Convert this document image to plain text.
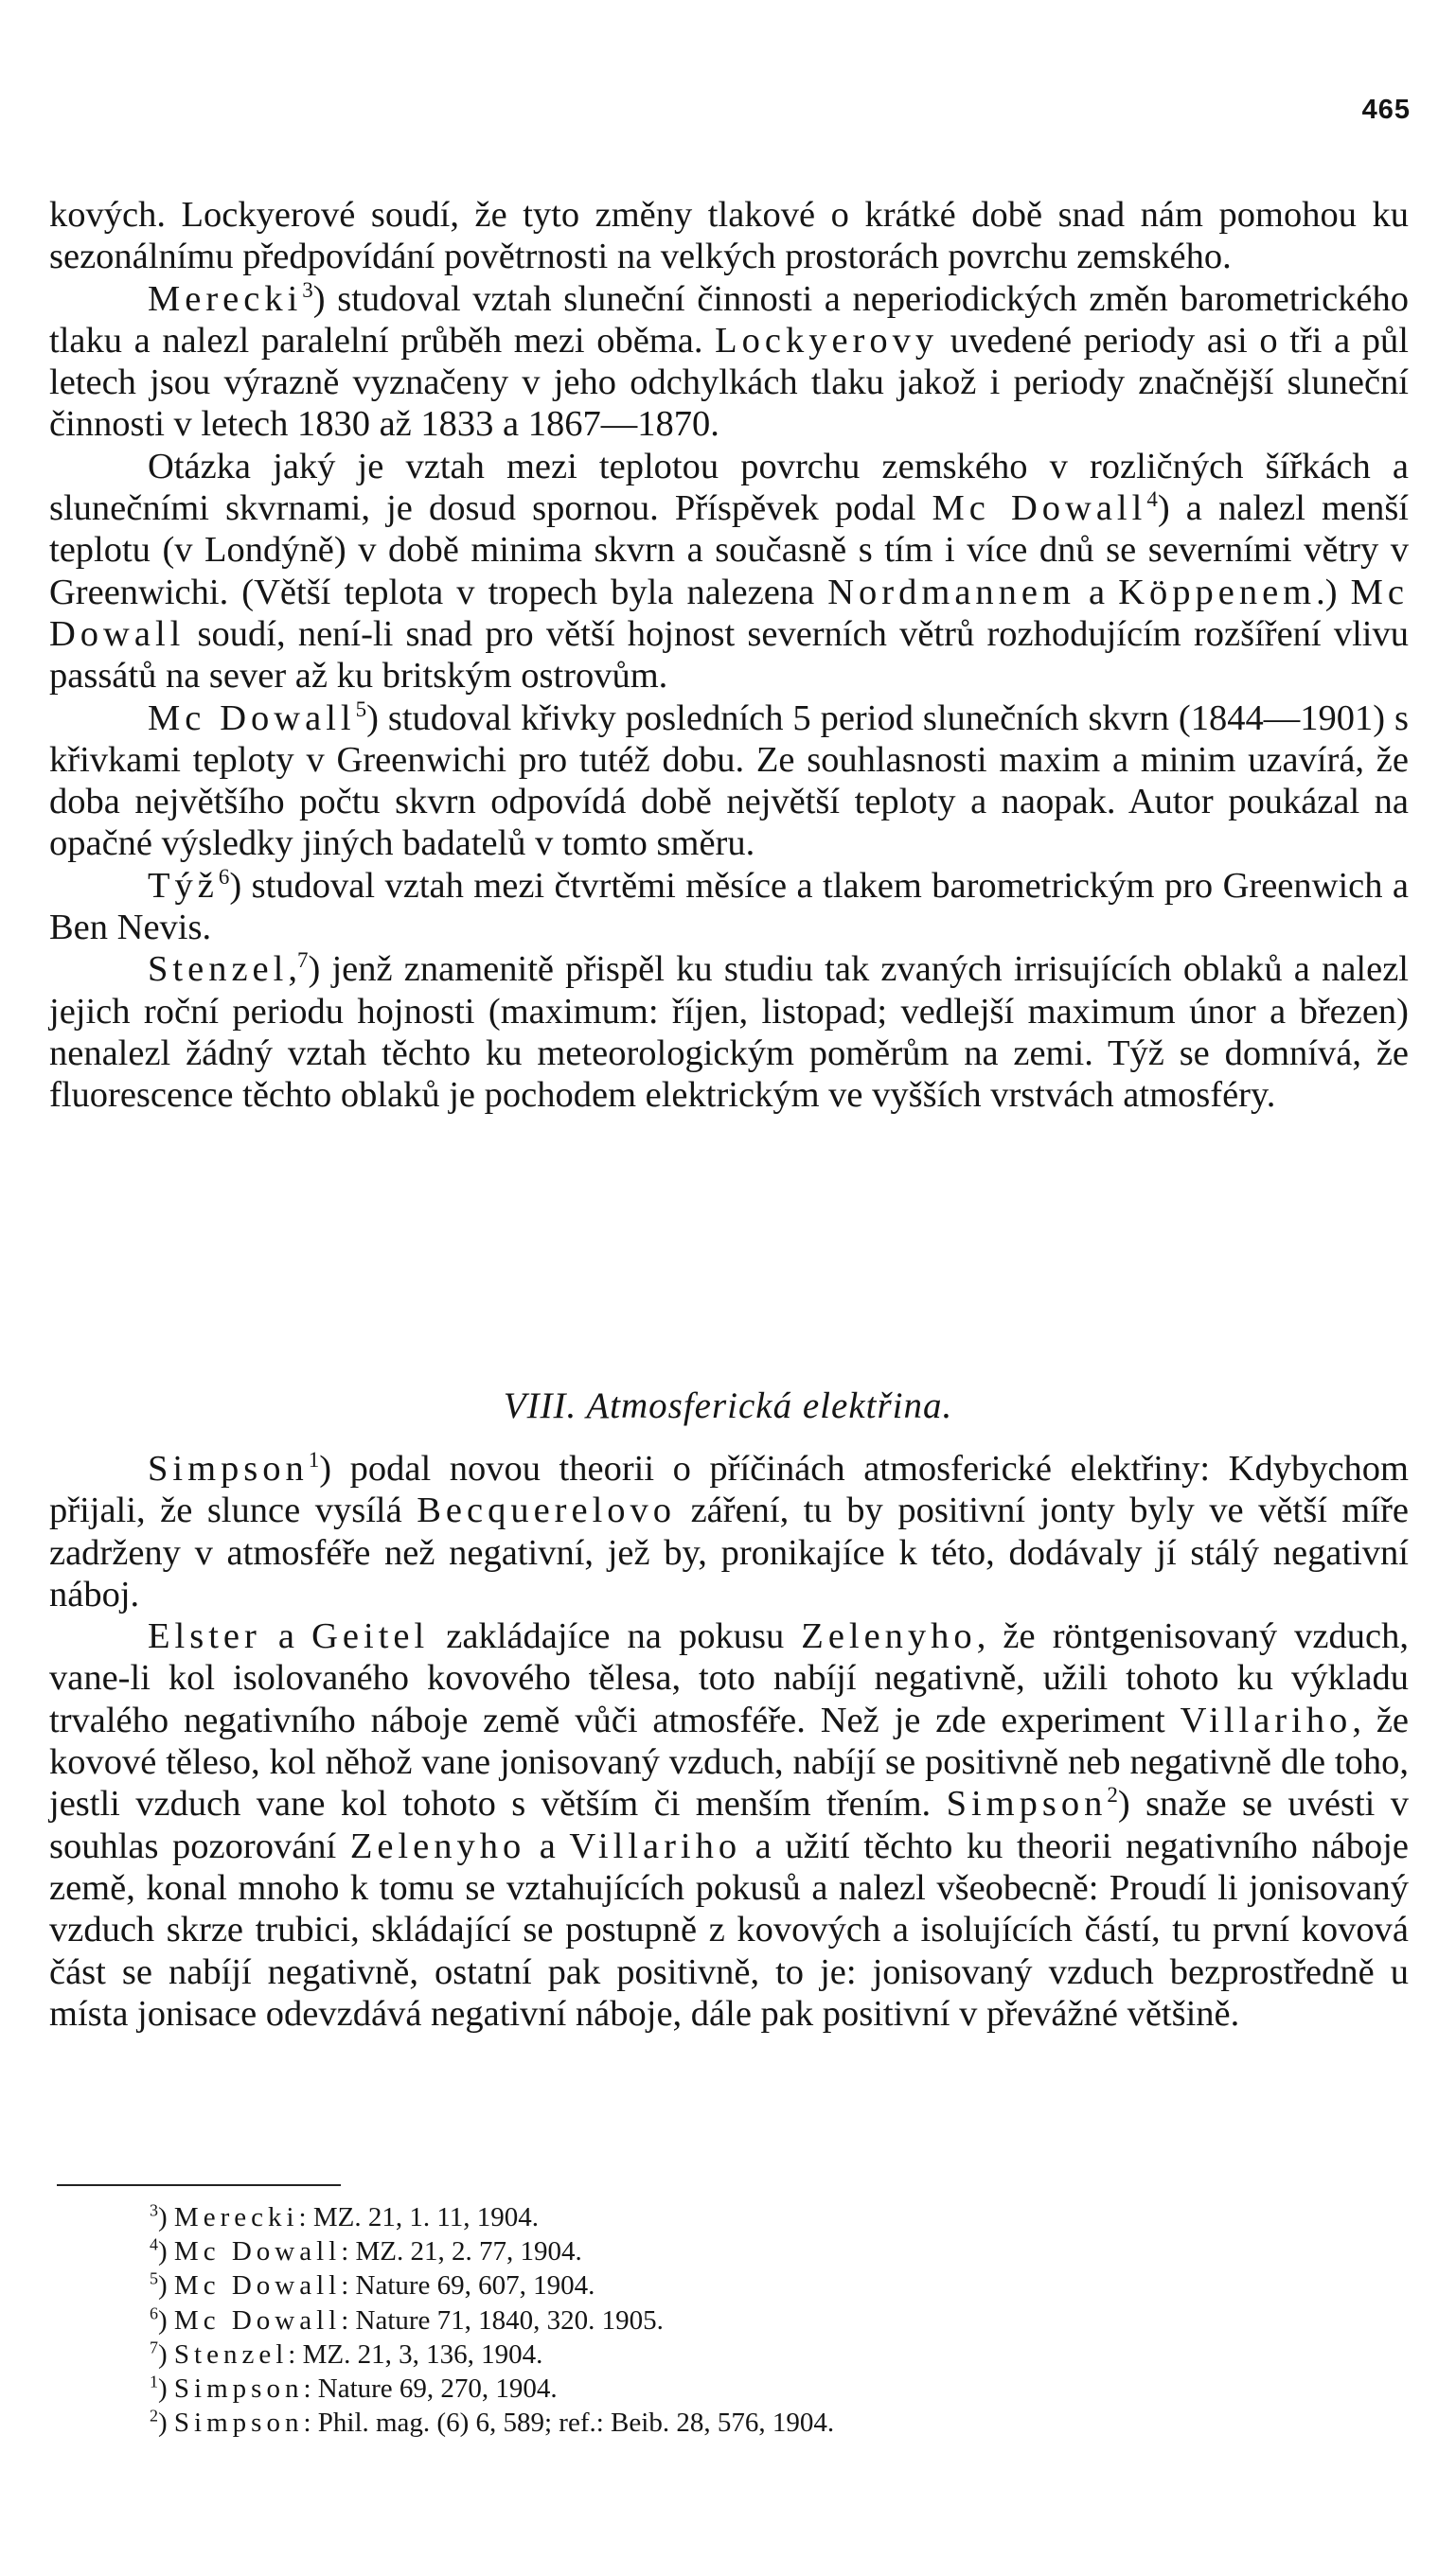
465

kových. Lockyerové soudí, že tyto změny tlakové o krátké době snad nám pomohou ku sezonálnímu předpovídání povětrnosti na velkých prostorách povrchu zemského.

Merecki$^3$) studoval vztah sluneční činnosti a neperiodických změn barometrického tlaku a nalezl paralelní průběh mezi oběma. Lockyerovy uvedené periody asi o tři a půl letech jsou výrazně vyznačeny v jeho odchylkách tlaku jakož i periody značnější sluneční činnosti v letech 1830 až 1833 a 1867—1870.

Otázka jaký je vztah mezi teplotou povrchu zemského v rozličných šířkách a slunečními skvrnami, je dosud spornou. Příspěvek podal Mc Dowall$^4$) a nalezl menší teplotu (v Londýně) v době minima skvrn a současně s tím i více dnů se severními větry v Greenwichi. (Větší teplota v tropech byla nalezena Nordmannem a Köppenem.) Mc Dowall soudí, není-li snad pro větší hojnost severních větrů rozhodujícím rozšíření vlivu passátů na sever až ku britským ostrovům.

Mc Dowall$^5$) studoval křivky posledních 5 period slunečních skvrn (1844—1901) s křivkami teploty v Greenwichi pro tutéž dobu. Ze souhlasnosti maxim a minim uzavírá, že doba největšího počtu skvrn odpovídá době největší teploty a naopak. Autor poukázal na opačné výsledky jiných badatelů v tomto směru.

Týž$^6$) studoval vztah mezi čtvrtěmi měsíce a tlakem barometrickým pro Greenwich a Ben Nevis.

Stenzel,$^7$) jenž znamenitě přispěl ku studiu tak zvaných irrisujících oblaků a nalezl jejich roční periodu hojnosti (maximum: říjen, listopad; vedlejší maximum únor a březen) nenalezl žádný vztah těchto ku meteorologickým poměrům na zemi. Týž se domnívá, že fluorescence těchto oblaků je pochodem elektrickým ve vyšších vrstvách atmosféry.

VIII. Atmosferická elektřina.

Simpson$^1$) podal novou theorii o příčinách atmosferické elektřiny: Kdybychom přijali, že slunce vysílá Becquerelovo záření, tu by positivní jonty byly ve větší míře zadrženy v atmosféře než negativní, jež by, pronikajíce k této, dodávaly jí stálý negativní náboj.

Elster a Geitel zakládajíce na pokusu Zelenyho, že röntgenisovaný vzduch, vane-li kol isolovaného kovového tělesa, toto nabíjí negativně, užili tohoto ku výkladu trvalého negativního náboje země vůči atmosféře. Než je zde experiment Villariho, že kovové těleso, kol něhož vane jonisovaný vzduch, nabíjí se positivně neb negativně dle toho, jestli vzduch vane kol tohoto s větším či menším třením. Simpson$^2$) snaže se uvésti v souhlas pozorování Zelenyho a Villariho a užití těchto ku theorii negativního náboje země, konal mnoho k tomu se vztahujících pokusů a nalezl všeobecně: Proudí li jonisovaný vzduch skrze trubici, skládající se postupně z kovových a isolujících částí, tu první kovová část se nabíjí negativně, ostatní pak positivně, to je: jonisovaný vzduch bezprostředně u místa jonisace odevzdává negativní náboje, dále pak positivní v převážné většině.

$^3$) Merecki: MZ. 21, 1. 11, 1904.
$^4$) Mc Dowall: MZ. 21, 2. 77, 1904.
$^5$) Mc Dowall: Nature 69, 607, 1904.
$^6$) Mc Dowall: Nature 71, 1840, 320. 1905.
$^7$) Stenzel: MZ. 21, 3, 136, 1904.
$^1$) Simpson: Nature 69, 270, 1904.
$^2$) Simpson: Phil. mag. (6) 6, 589; ref.: Beib. 28, 576, 1904.
